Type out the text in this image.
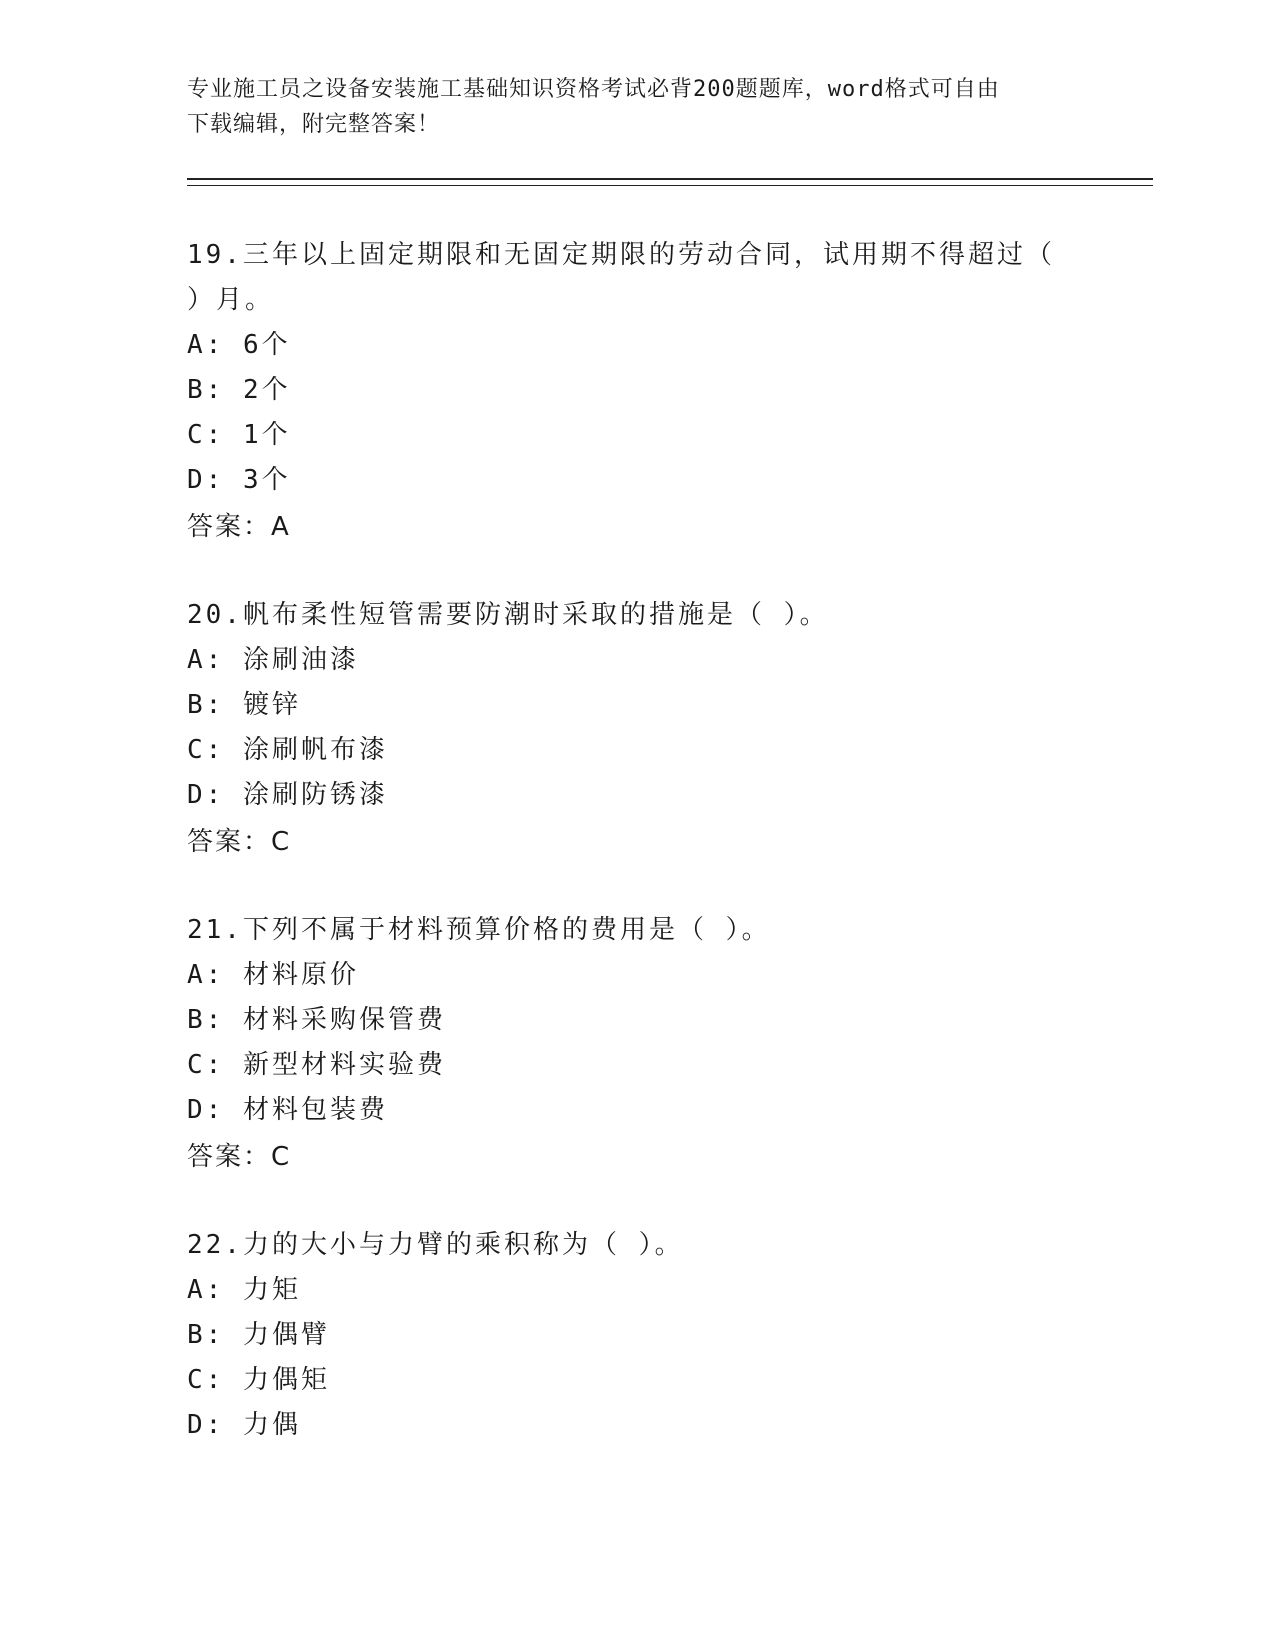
专业施工员之设备安装施工基础知识资格考试必背200题题库，word格式可自由
下载编辑，附完整答案！
19.三年以上固定期限和无固定期限的劳动合同，试用期不得超过（
）月。
A: 6个
B: 2个
C: 1个
D: 3个
答案：A
20.帆布柔性短管需要防潮时采取的措施是（ ）。
A: 涂刷油漆
B: 镀锌
C: 涂刷帆布漆
D: 涂刷防锈漆
答案：C
21.下列不属于材料预算价格的费用是（ ）。
A: 材料原价
B: 材料采购保管费
C: 新型材料实验费
D: 材料包装费
答案：C
22.力的大小与力臂的乘积称为（ ）。
A: 力矩
B: 力偶臂
C: 力偶矩
D: 力偶
